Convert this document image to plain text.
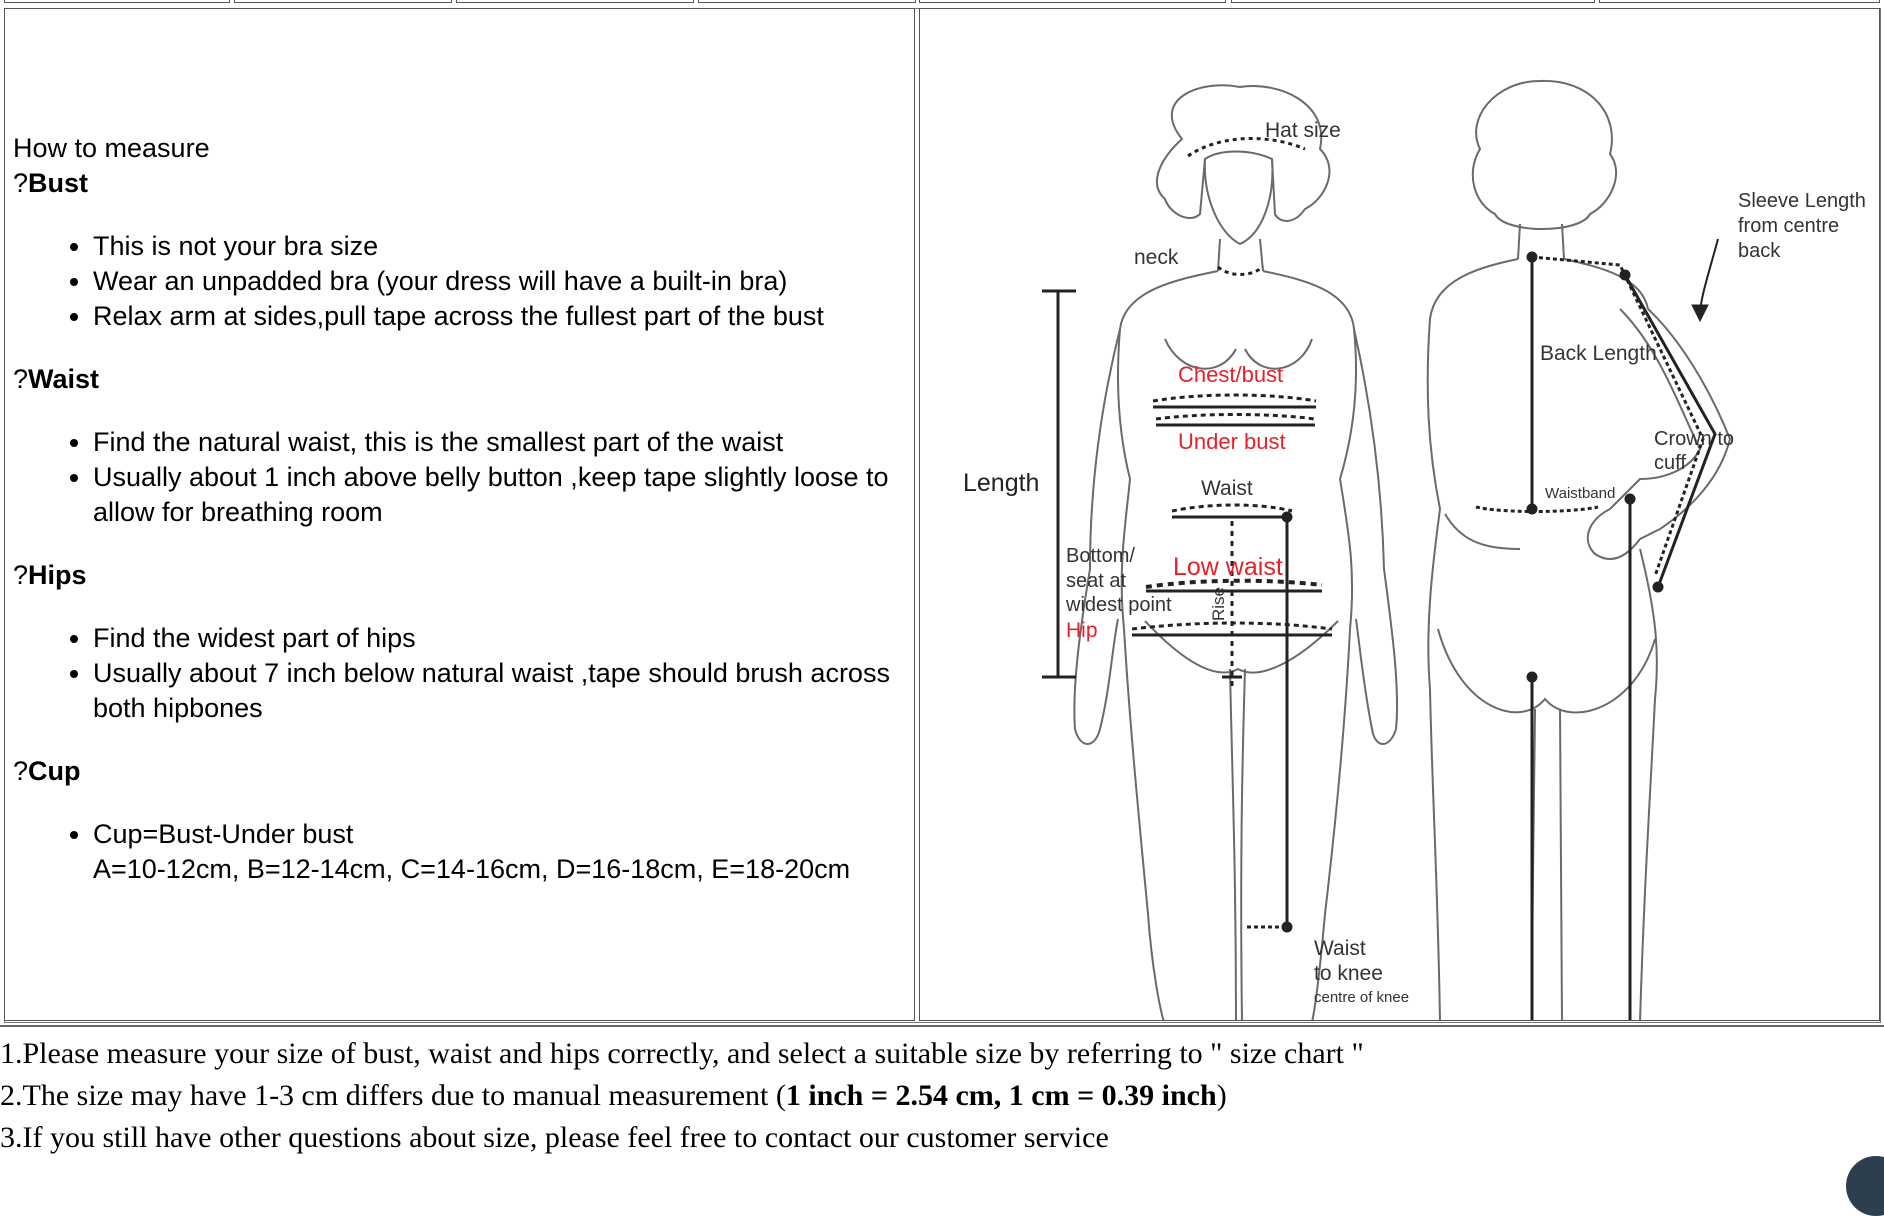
How to measure

?Bust

• This is not your bra size
• Wear an unpadded bra (your dress will have a built-in bra)
• Relax arm at sides,pull tape across the fullest part of the bust

?Waist

• Find the natural waist, this is the smallest part of the waist
• Usually about 1 inch above belly button ,keep tape slightly loose to allow for breathing room

?Hips

• Find the widest part of hips
• Usually about 7 inch below natural waist ,tape should brush across both hipbones

?Cup

• Cup=Bust-Under bust
A=10-12cm, B=12-14cm, C=14-16cm, D=16-18cm, E=18-20cm
Hat size
neck
Chest/bust
Under bust
Waist
Low waist
Length
Bottom/
seat at
widest point
Hip
Rise
Waist
to knee
centre of knee
Back Length
Waistband
Sleeve Length
from centre
back
Crown to
cuff

1.Please measure your size of bust, waist and hips correctly, and select a suitable size by referring to " size chart "

2.The size may have 1-3 cm differs due to manual measurement (1 inch = 2.54 cm, 1 cm = 0.39 inch)

3.If you still have other questions about size, please feel free to contact our customer service
